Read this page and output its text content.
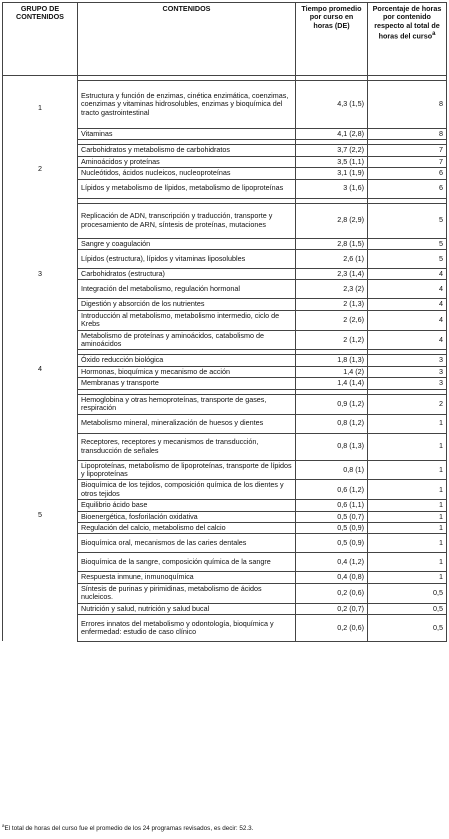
GRUPO DE CONTENIDOS	CONTENIDOS	Tiempo promedio por curso en horas (DE)	Porcentaje de horas por contenido respecto al total de horas del curso$^a$
1			
	Estructura y función de enzimas, cinética enzimática, coenzimas, coenzimas y vitaminas hidrosolubles, enzimas y bioquímica del tracto gastrointestinal	4,3 (1,5)	8
	Vitaminas	4,1 (2,8)	8
2			
	Carbohidratos y metabolismo de carbohidratos	3,7 (2,2)	7
	Aminoácidos y proteínas	3,5 (1,1)	7
	Nucleótidos, ácidos nucleicos, nucleoproteínas	3,1 (1,9)	6
	Lípidos y metabolismo de lípidos, metabolismo de lipoproteínas	3 (1,6)	6
3			
	Replicación de ADN, transcripción y traducción, transporte y procesamiento de ARN, síntesis de proteínas, mutaciones	2,8 (2,9)	5
	Sangre y coagulación	2,8 (1,5)	5
	Lípidos (estructura), lípidos y vitaminas liposolubles	2,6 (1)	5
	Carbohidratos (estructura)	2,3 (1,4)	4
	Integración del metabolismo, regulación hormonal	2,3 (2)	4
	Digestión y absorción de los nutrientes	2 (1,3)	4
	Introducción al metabolismo, metabolismo intermedio, ciclo de Krebs	2 (2,6)	4
	Metabolismo de proteínas y aminoácidos, catabolismo de aminoácidos	2 (1,2)	4
4			
	Óxido reducción biológica	1,8 (1,3)	3
	Hormonas, bioquímica y mecanismo de acción	1,4 (2)	3
	Membranas y transporte	1,4 (1,4)	3
5			
	Hemoglobina y otras hemoproteínas, transporte de gases, respiración	0,9 (1,2)	2
	Metabolismo mineral, mineralización de huesos y dientes	0,8 (1,2)	1
	Receptores, receptores y mecanismos de transducción, transducción de señales	0,8 (1,3)	1
	Lipoproteínas, metabolismo de lipoproteínas, transporte de lípidos y lipoproteínas	0,8 (1)	1
	Bioquímica de los tejidos, composición química de los dientes y otros tejidos	0,6 (1,2)	1
	Equilibrio ácido base	0,6 (1,1)	1
	Bioenergética, fosforilación oxidativa	0,5 (0,7)	1
	Regulación del calcio, metabolismo del calcio	0,5 (0,9)	1
	Bioquímica oral, mecanismos de las caries dentales	0,5 (0,9)	1
	Bioquímica de la sangre, composición química de la sangre	0,4 (1,2)	1
	Respuesta inmune, inmunoquímica	0,4 (0,8)	1
	Síntesis de purinas y pirimidinas, metabolismo de ácidos nucleicos.	0,2 (0,6)	0,5
	Nutrición y salud, nutrición y salud bucal	0,2 (0,7)	0,5
	Errores innatos del metabolismo y odontología, bioquímica y enfermedad: estudio de caso clínico	0,2 (0,6)	0,5
$^a$El total de horas del curso fue el promedio de los 24 programas revisados, es decir: 52.3.
